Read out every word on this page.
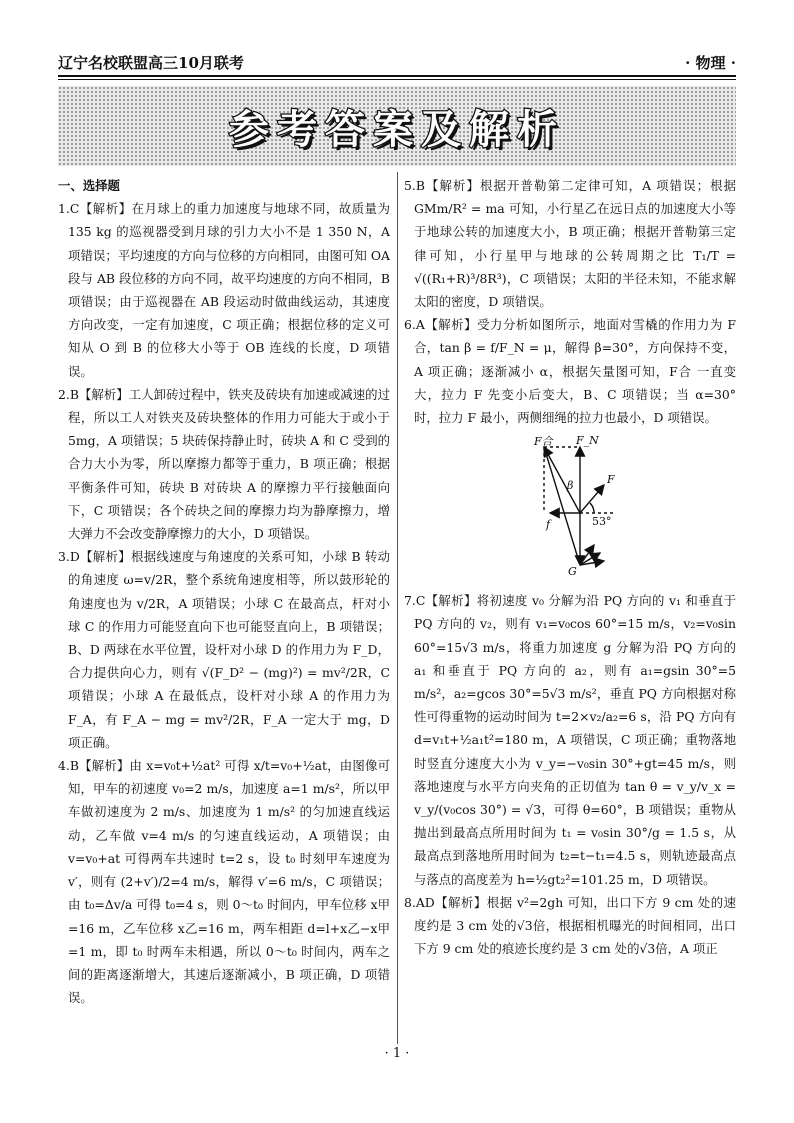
辽宁名校联盟高三10月联考	· 物理 ·
参考答案及解析
一、选择题

1.C【解析】在月球上的重力加速度与地球不同，故质量为 135 kg 的巡视器受到月球的引力大小不是 1 350 N，A 项错误；平均速度的方向与位移的方向相同，由图可知 OA 段与 AB 段位移的方向不同，故平均速度的方向不相同，B 项错误；由于巡视器在 AB 段运动时做曲线运动，其速度方向改变，一定有加速度，C 项正确；根据位移的定义可知从 O 到 B 的位移大小等于 OB 连线的长度，D 项错误。

2.B【解析】工人卸砖过程中，铁夹及砖块有加速或减速的过程，所以工人对铁夹及砖块整体的作用力可能大于或小于 5mg，A 项错误；5 块砖保持静止时，砖块 A 和 C 受到的合力大小为零，所以摩擦力都等于重力，B 项正确；根据平衡条件可知，砖块 B 对砖块 A 的摩擦力平行接触面向下，C 项错误；各个砖块之间的摩擦力均为静摩擦力，增大弹力不会改变静摩擦力的大小，D 项错误。

3.D【解析】根据线速度与角速度的关系可知，小球 B 转动的角速度 ω=v/2R，整个系统角速度相等，所以鼓形轮的角速度也为 v/2R，A 项错误；小球 C 在最高点，杆对小球 C 的作用力可能竖直向下也可能竖直向上，B 项错误；B、D 两球在水平位置，设杆对小球 D 的作用力为 F_D，合力提供向心力，则有 √(F_D² − (mg)²) = mv²/2R，C 项错误；小球 A 在最低点，设杆对小球 A 的作用力为 F_A，有 F_A − mg = mv²/2R，F_A 一定大于 mg，D 项正确。

4.B【解析】由 x=v₀t+½at² 可得 x/t=v₀+½at，由图像可知，甲车的初速度 v₀=2 m/s，加速度 a=1 m/s²，所以甲车做初速度为 2 m/s、加速度为 1 m/s² 的匀加速直线运动，乙车做 v=4 m/s 的匀速直线运动，A 项错误；由 v=v₀+at 可得两车共速时 t=2 s，设 t₀ 时刻甲车速度为 v′，则有 (2+v′)/2=4 m/s，解得 v′=6 m/s，C 项错误；由 t₀=Δv/a 可得 t₀=4 s，则 0～t₀ 时间内，甲车位移 x甲=16 m，乙车位移 x乙=16 m，两车相距 d=l+x乙−x甲=1 m，即 t₀ 时两车未相遇，所以 0～t₀ 时间内，两车之间的距离逐渐增大，其速后逐渐减小，B 项正确，D 项错误。

5.B【解析】根据开普勒第二定律可知，A 项错误；根据 GMm/R² = ma 可知，小行星乙在远日点的加速度大小等于地球公转的加速度大小，B 项正确；根据开普勒第三定律可知，小行星甲与地球的公转周期之比 T₁/T = √((R₁+R)³/8R³)，C 项错误；太阳的半径未知，不能求解太阳的密度，D 项错误。

6.A【解析】受力分析如图所示，地面对雪橇的作用力为 F合，tan β = f/F_N = μ，解得 β=30°，方向保持不变，A 项正确；逐渐减小 α，根据矢量图可知，F合 一直变大，拉力 F 先变小后变大，B、C 项错误；当 α=30° 时，拉力 F 最小，两侧细绳的拉力也最小，D 项错误。

F合 F_N
β	F
53°
f
G

7.C【解析】将初速度 v₀ 分解为沿 PQ 方向的 v₁ 和垂直于 PQ 方向的 v₂，则有 v₁=v₀cos 60°=15 m/s，v₂=v₀sin 60°=15√3 m/s，将重力加速度 g 分解为沿 PQ 方向的 a₁ 和垂直于 PQ 方向的 a₂，则有 a₁=gsin 30°=5 m/s²，a₂=gcos 30°=5√3 m/s²，垂直 PQ 方向根据对称性可得重物的运动时间为 t=2×v₂/a₂=6 s，沿 PQ 方向有 d=v₁t+½a₁t²=180 m，A 项错误，C 项正确；重物落地时竖直分速度大小为 v_y=−v₀sin 30°+gt=45 m/s，则落地速度与水平方向夹角的正切值为 tan θ = v_y/v_x = v_y/(v₀cos 30°) = √3，可得 θ=60°，B 项错误；重物从抛出到最高点所用时间为 t₁ = v₀sin 30°/g = 1.5 s，从最高点到落地所用时间为 t₂=t−t₁=4.5 s，则轨迹最高点与落点的高度差为 h=½gt₂²=101.25 m，D 项错误。

8.AD【解析】根据 v²=2gh 可知，出口下方 9 cm 处的速度约是 3 cm 处的√3倍，根据相机曝光的时间相同，出口下方 9 cm 处的痕迹长度约是 3 cm 处的√3倍，A 项正

· 1 ·
